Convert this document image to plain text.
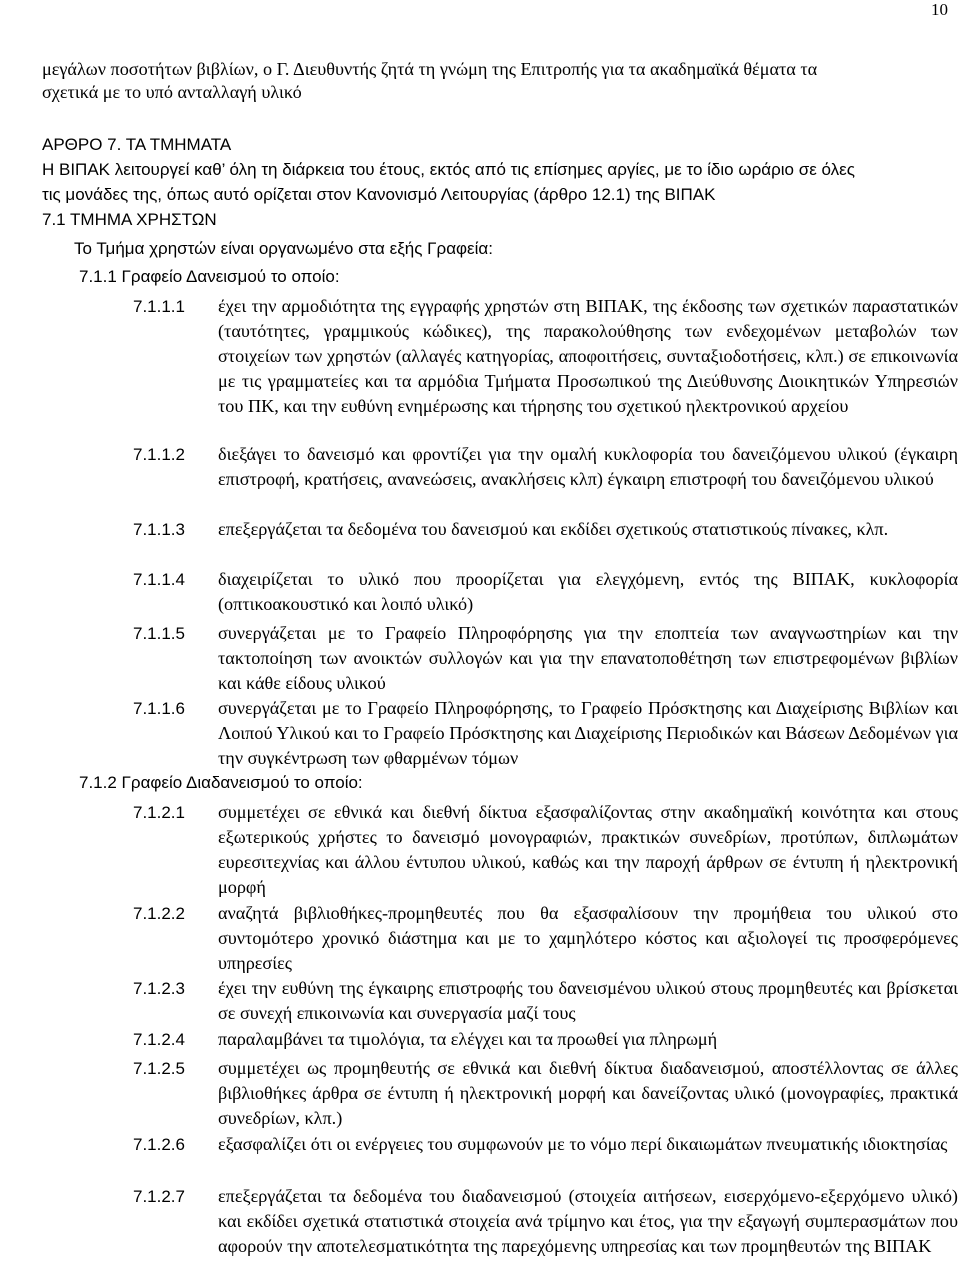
10
μεγάλων ποσοτήτων βιβλίων, ο Γ. Διευθυντής ζητά τη γνώμη της Επιτροπής για τα ακαδημαϊκά θέματα τα
σχετικά με το υπό ανταλλαγή υλικό
ΑΡΘΡΟ 7. ΤΑ ΤΜΗΜΑΤΑ
Η ΒΙΠΑΚ λειτουργεί καθ’ όλη τη διάρκεια του έτους, εκτός από τις επίσημες αργίες, με το ίδιο ωράριο σε όλες
τις μονάδες της, όπως αυτό ορίζεται στον Κανονισμό Λειτουργίας (άρθρο 12.1) της ΒΙΠΑΚ
7.1 ΤΜΗΜΑ ΧΡΗΣΤΩΝ
Το Τμήμα χρηστών είναι οργανωμένο στα εξής Γραφεία:
7.1.1 Γραφείο Δανεισμού το οποίο:
7.1.1.1 έχει την αρμοδιότητα της εγγραφής χρηστών στη ΒΙΠΑΚ, της έκδοσης των σχετικών παραστατικών (ταυτότητες, γραμμικούς κώδικες), της παρακολούθησης των ενδεχομένων μεταβολών των στοιχείων των χρηστών (αλλαγές κατηγορίας, αποφοιτήσεις, συνταξιοδοτήσεις, κλπ.) σε επικοινωνία με τις γραμματείες και τα αρμόδια Τμήματα Προσωπικού της Διεύθυνσης Διοικητικών Υπηρεσιών του ΠΚ, και την ευθύνη ενημέρωσης και τήρησης του σχετικού ηλεκτρονικού αρχείου

7.1.1.2 διεξάγει το δανεισμό και φροντίζει για την ομαλή κυκλοφορία του δανειζόμενου υλικού (έγκαιρη επιστροφή, κρατήσεις, ανανεώσεις, ανακλήσεις κλπ) έγκαιρη επιστροφή του δανειζόμενου υλικού

7.1.1.3 επεξεργάζεται τα δεδομένα του δανεισμού και εκδίδει σχετικούς στατιστικούς πίνακες, κλπ.

7.1.1.4 διαχειρίζεται το υλικό που προορίζεται για ελεγχόμενη, εντός της ΒΙΠΑΚ, κυκλοφορία (οπτικοακουστικό και λοιπό υλικό)

7.1.1.5 συνεργάζεται με το Γραφείο Πληροφόρησης για την εποπτεία των αναγνωστηρίων και την τακτοποίηση των ανοικτών συλλογών και για την επανατοποθέτηση των επιστρεφομένων βιβλίων και κάθε είδους υλικού

7.1.1.6 συνεργάζεται με το Γραφείο Πληροφόρησης, το Γραφείο Πρόσκτησης και Διαχείρισης Βιβλίων και Λοιπού Υλικού και το Γραφείο Πρόσκτησης και Διαχείρισης Περιοδικών και Βάσεων Δεδομένων για την συγκέντρωση των φθαρμένων τόμων

7.1.2 Γραφείο Διαδανεισμού το οποίο:
7.1.2.1 συμμετέχει σε εθνικά και διεθνή δίκτυα εξασφαλίζοντας στην ακαδημαϊκή κοινότητα και στους εξωτερικούς χρήστες το δανεισμό μονογραφιών, πρακτικών συνεδρίων, προτύπων, διπλωμάτων ευρεσιτεχνίας και άλλου έντυπου υλικού, καθώς και την παροχή άρθρων σε έντυπη ή ηλεκτρονική μορφή

7.1.2.2 αναζητά βιβλιοθήκες-προμηθευτές που θα εξασφαλίσουν την προμήθεια του υλικού στο συντομότερο χρονικό διάστημα και με το χαμηλότερο κόστος και αξιολογεί τις προσφερόμενες υπηρεσίες

7.1.2.3 έχει την ευθύνη της έγκαιρης επιστροφής του δανεισμένου υλικού στους προμηθευτές και βρίσκεται σε συνεχή επικοινωνία και συνεργασία μαζί τους

7.1.2.4 παραλαμβάνει τα τιμολόγια, τα ελέγχει και τα προωθεί για πληρωμή

7.1.2.5 συμμετέχει ως προμηθευτής σε εθνικά και διεθνή δίκτυα διαδανεισμού, αποστέλλοντας σε άλλες βιβλιοθήκες άρθρα σε έντυπη ή ηλεκτρονική μορφή και δανείζοντας υλικό (μονογραφίες, πρακτικά συνεδρίων, κλπ.)

7.1.2.6 εξασφαλίζει ότι οι ενέργειες του συμφωνούν με το νόμο περί δικαιωμάτων πνευματικής ιδιοκτησίας

7.1.2.7 επεξεργάζεται τα δεδομένα του διαδανεισμού (στοιχεία αιτήσεων, εισερχόμενο-εξερχόμενο υλικό) και εκδίδει σχετικά στατιστικά στοιχεία ανά τρίμηνο και έτος, για την εξαγωγή συμπερασμάτων που αφορούν την αποτελεσματικότητα της παρεχόμενης υπηρεσίας και των προμηθευτών της ΒΙΠΑΚ
